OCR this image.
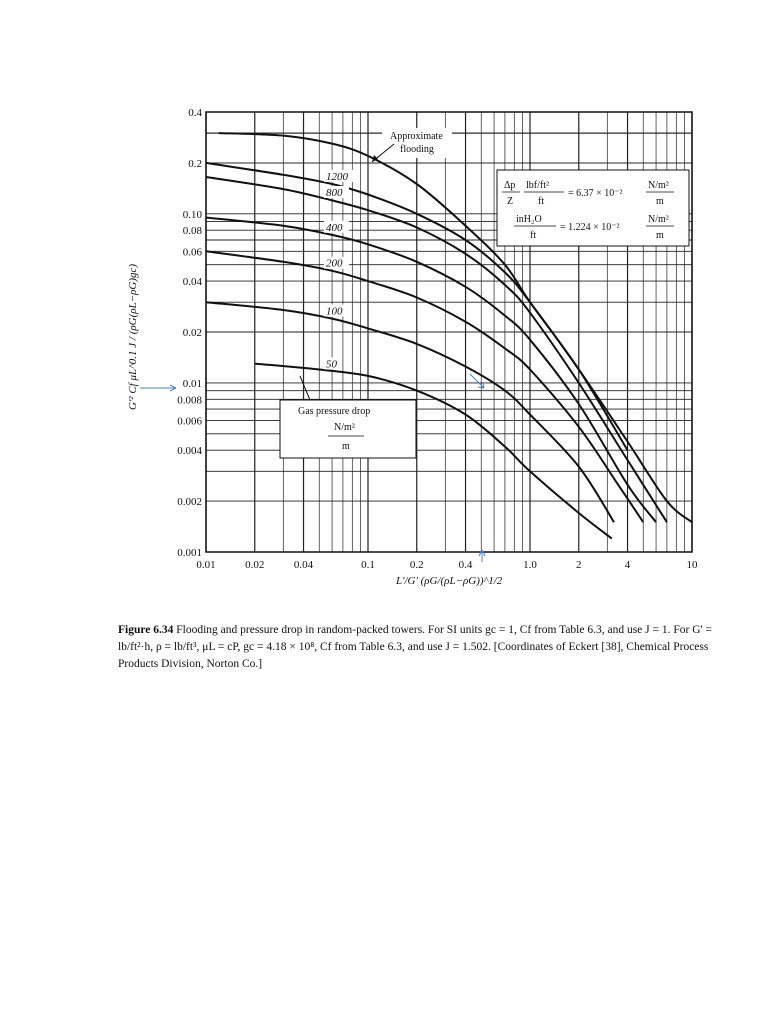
0.01	0.02	0.04	0.1	0.2	0.4	1.0	2	4	10
0.4
0.2
0.10
0.08
0.06
0.04
0.02
0.01
0.008
0.006
0.004
0.002
0.001
1200
800
400
200
100
50
Approximate
flooding
Δp
Z
lbf/ft²
ft
= 6.37 × 10⁻²
N/m²
m
inH₂O
ft
= 1.224 × 10⁻²
N/m²
m
Gas pressure drop
N/m²
m
L'/G' (ρG/(ρL−ρG))^1/2
G'² Cf μL^0.1 J / (ρG(ρL−ρG)gc)
Figure 6.34 Flooding and pressure drop in random-packed towers. For SI units gc = 1, Cf from Table 6.3, and use J = 1. For G' = lb/ft²·h, ρ = lb/ft³, μL = cP, gc = 4.18 × 10⁸, Cf from Table 6.3, and use J = 1.502. [Coordinates of Eckert [38], Chemical Process Products Division, Norton Co.]
